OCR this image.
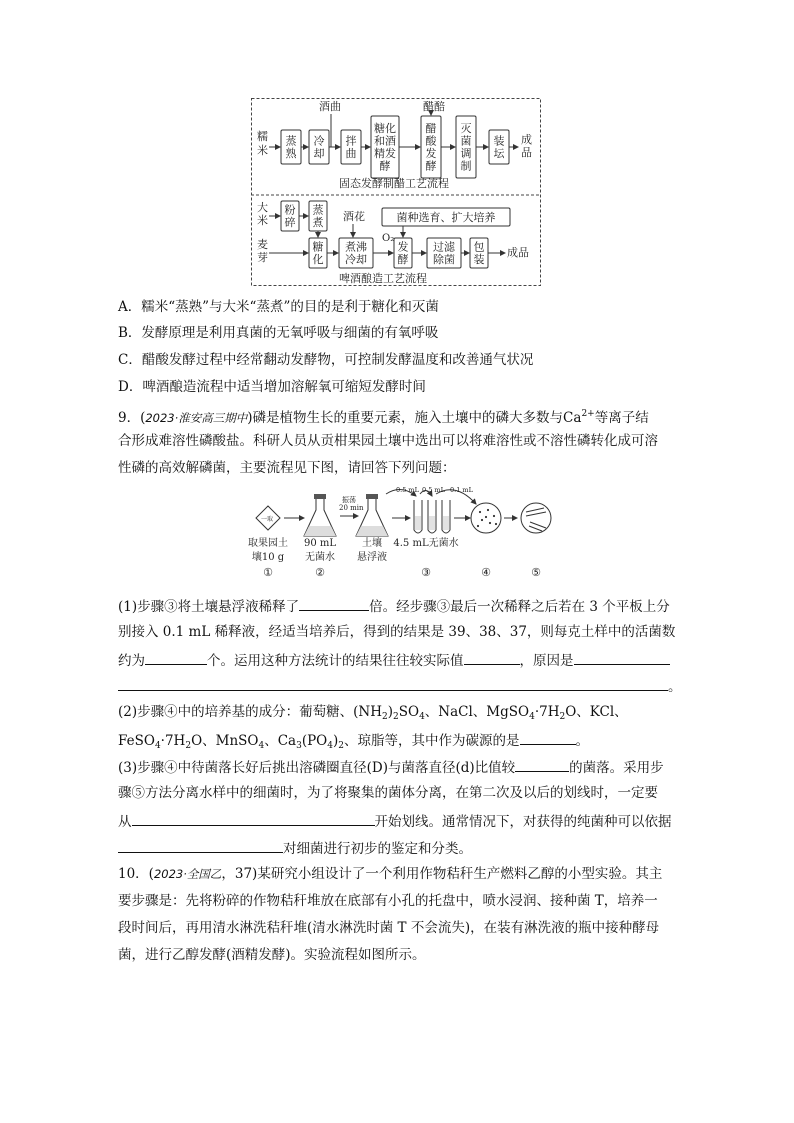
糯
米
酒曲	醋醅
蒸
熟
冷
却
拌
曲
糖化
和酒
精发
酵
醋
酸
发
酵
灭
菌
调
制
装
坛
成
品
固态发酵制醋工艺流程
大
米
麦
芽
粉
碎
蒸
煮
糖
化
酒花
煮沸
冷却
菌种选育、扩大培养
O₂
发
酵
过滤
除菌
包
装
成品
啤酒酿造工艺流程
A．糯米“蒸熟”与大米“蒸煮”的目的是利于糖化和灭菌
B．发酵原理是利用真菌的无氧呼吸与细菌的有氧呼吸
C．醋酸发酵过程中经常翻动发酵物，可控制发酵温度和改善通气状况
D．啤酒酿造流程中适当增加溶解氧可缩短发酵时间
9．(2023·淮安高三期中)磷是植物生长的重要元素，施入土壤中的磷大多数与$Ca^{2+}$等离子结
合形成难溶性磷酸盐。科研人员从贡柑果园土壤中选出可以将难溶性或不溶性磷转化成可溶
性磷的高效解磷菌，主要流程见下图，请回答下列问题：
一取
振荡
20 min
0.5 mL 0.5 mL 0.1 mL
取果园土
壤10 g
①
90 mL
无菌水
②
土壤
悬浮液
4.5 mL无菌水
③	④	⑤
(1)步骤③将土壤悬浮液稀释了	倍。经步骤③最后一次稀释之后若在 3 个平板上分
别接入 0.1 mL 稀释液，经适当培养后，得到的结果是 39、38、37，则每克土样中的活菌数
约为	个。运用这种方法统计的结果往往较实际值	，原因是
。
(2)步骤④中的培养基的成分：葡萄糖、$(NH_2)_2SO_4$、NaCl、$MgSO_4\cdot 7H_2O$、KCl、
$FeSO_4\cdot 7H_2O$、MnSO$_4$、$Ca_3(PO_4)_2$、琼脂等，其中作为碳源的是	。
(3)步骤④中待菌落长好后挑出溶磷圈直径(D)与菌落直径(d)比值较	的菌落。采用步
骤⑤方法分离水样中的细菌时，为了将聚集的菌体分离，在第二次及以后的划线时，一定要
从	开始划线。通常情况下，对获得的纯菌种可以依据
对细菌进行初步的鉴定和分类。
10．(2023·全国乙，37)某研究小组设计了一个利用作物秸秆生产燃料乙醇的小型实验。其主
要步骤是：先将粉碎的作物秸秆堆放在底部有小孔的托盘中，喷水浸润、接种菌 T，培养一
段时间后，再用清水淋洗秸秆堆(清水淋洗时菌 T 不会流失)，在装有淋洗液的瓶中接种酵母
菌，进行乙醇发酵(酒精发酵)。实验流程如图所示。
